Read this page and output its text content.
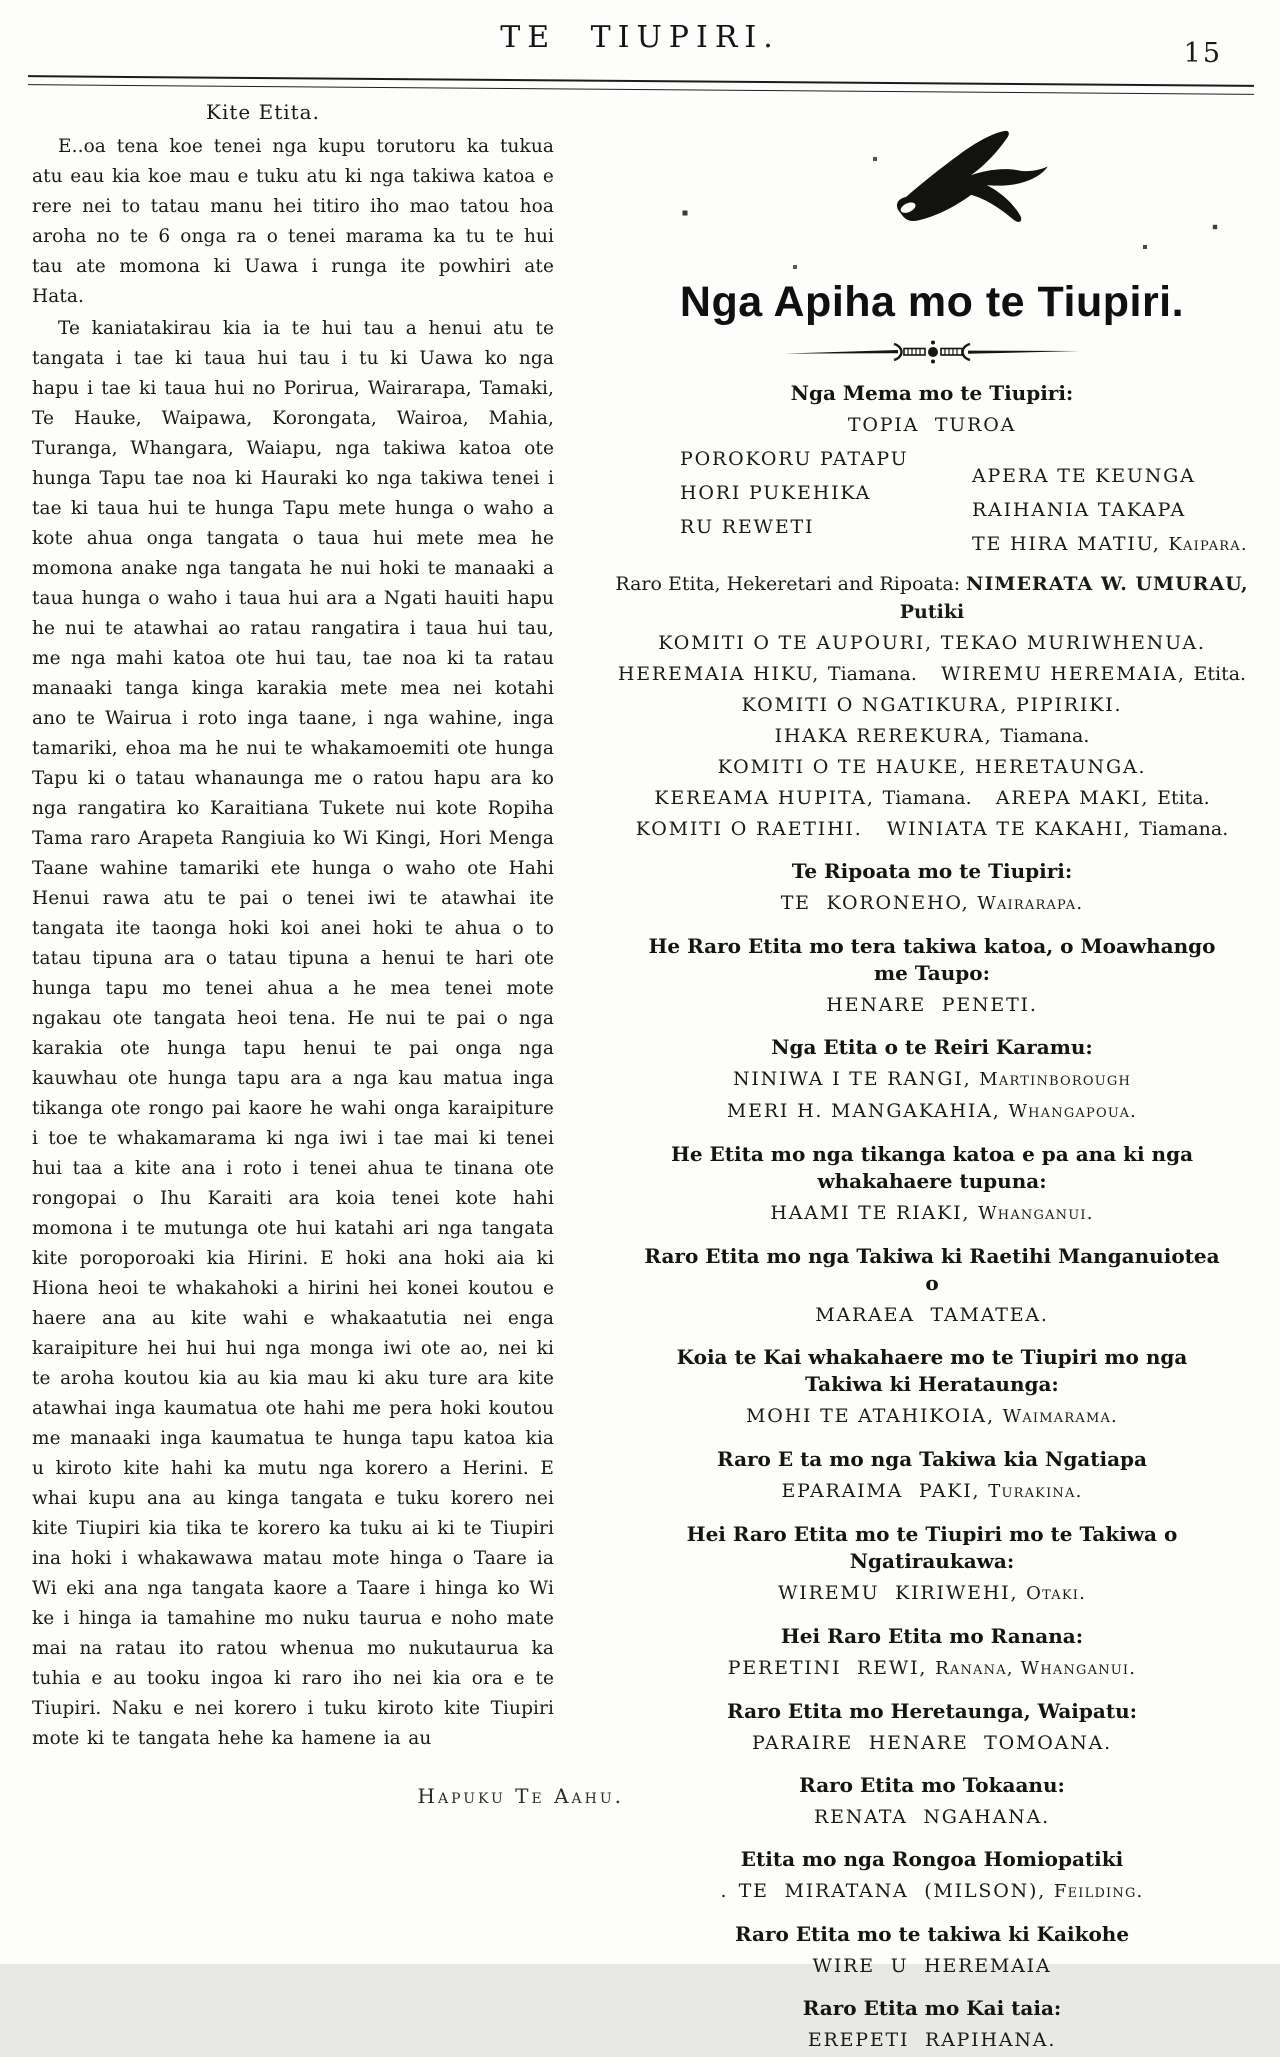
TE TIUPIRI.	15
Kite Etita.

E..oa tena koe tenei nga kupu torutoru ka tukua atu eau kia koe mau e tuku atu ki nga takiwa katoa e rere nei to tatau manu hei titiro iho mao tatou hoa aroha no te 6 onga ra o tenei marama ka tu te hui tau ate momona ki Uawa i runga ite powhiri ate Hata.

Te kaniatakirau kia ia te hui tau a henui atu te tangata i tae ki taua hui tau i tu ki Uawa ko nga hapu i tae ki taua hui no Porirua, Wairarapa, Tamaki, Te Hauke, Waipawa, Korongata, Wairoa, Mahia, Turanga, Whangara, Waiapu, nga takiwa katoa ote hunga Tapu tae noa ki Hauraki ko nga takiwa tenei i tae ki taua hui te hunga Tapu mete hunga o waho a kote ahua onga tangata o taua hui mete mea he momona anake nga tangata he nui hoki te manaaki a taua hunga o waho i taua hui ara a Ngati hauiti hapu he nui te atawhai ao ratau rangatira i taua hui tau, me nga mahi katoa ote hui tau, tae noa ki ta ratau manaaki tanga kinga karakia mete mea nei kotahi ano te Wairua i roto inga taane, i nga wahine, inga tamariki, ehoa ma he nui te whakamoemiti ote hunga Tapu ki o tatau whanaunga me o ratou hapu ara ko nga rangatira ko Karaitiana Tukete nui kote Ropiha Tama raro Arapeta Rangiuia ko Wi Kingi, Hori Menga Taane wahine tamariki ete hunga o waho ote Hahi Henui rawa atu te pai o tenei iwi te atawhai ite tangata ite taonga hoki koi anei hoki te ahua o to tatau tipuna ara o tatau tipuna a henui te hari ote hunga tapu mo tenei ahua a he mea tenei mote ngakau ote tangata heoi tena. He nui te pai o nga karakia ote hunga tapu henui te pai onga nga kauwhau ote hunga tapu ara a nga kau matua inga tikanga ote rongo pai kaore he wahi onga karaipiture i toe te whakamarama ki nga iwi i tae mai ki tenei hui taa a kite ana i roto i tenei ahua te tinana ote rongopai o Ihu Karaiti ara koia tenei kote hahi momona i te mutunga ote hui katahi ari nga tangata kite poroporoaki kia Hirini. E hoki ana hoki aia ki Hiona heoi te whakahoki a hirini hei konei koutou e haere ana au kite wahi e whakaatutia nei enga karaipiture hei hui hui nga monga iwi ote ao, nei ki te aroha koutou kia au kia mau ki aku ture ara kite atawhai inga kaumatua ote hahi me pera hoki koutou me manaaki inga kaumatua te hunga tapu katoa kia u kiroto kite hahi ka mutu nga korero a Herini. E whai kupu ana au kinga tangata e tuku korero nei kite Tiupiri kia tika te korero ka tuku ai ki te Tiupiri ina hoki i whakawawa matau mote hinga o Taare ia Wi eki ana nga tangata kaore a Taare i hinga ko Wi ke i hinga ia tamahine mo nuku taurua e noho mate mai na ratau ito ratou whenua mo nukutaurua ka tuhia e au tooku ingoa ki raro iho nei kia ora e te Tiupiri. Naku e nei korero i tuku kiroto kite Tiupiri mote ki te tangata hehe ka hamene ia au

Hapuku Te Aahu.
Nga Apiha mo te Tiupiri.
Nga Mema mo te Tiupiri:
TOPIA  TUROA
POROKORU PATAPU
HORI PUKEHIKA
RU REWETI
APERA TE KEUNGA
RAIHANIA TAKAPA
TE HIRA MATIU, Kaipara.
Raro Etita, Hekeretari and Ripoata: NIMERATA W. UMURAU, Putiki
KOMITI O TE AUPOURI, TEKAO MURIWHENUA.
HEREMAIA HIKU, Tiamana. WIREMU HEREMAIA, Etita.
KOMITI O NGATIKURA, PIPIRIKI.
IHAKA REREKURA, Tiamana.
KOMITI O TE HAUKE, HERETAUNGA.
KEREAMA HUPITA, Tiamana. AREPA MAKI, Etita.
KOMITI O RAETIHI. WINIATA TE KAKAHI, Tiamana.
Te Ripoata mo te Tiupiri:
TE  KORONEHO, Wairarapa.
He Raro Etita mo tera takiwa katoa, o Moawhango me Taupo:
HENARE  PENETI.
Nga Etita o te Reiri Karamu:
NINIWA I TE RANGI, Martinborough
MERI H. MANGAKAHIA, Whangapoua.
He Etita mo nga tikanga katoa e pa ana ki nga whakahaere tupuna:
HAAMI TE RIAKI, Whanganui.
Raro Etita mo nga Takiwa ki Raetihi Manganuiotea o
MARAEA  TAMATEA.
Koia te Kai whakahaere mo te Tiupiri mo nga Takiwa ki Herataunga:
MOHI TE ATAHIKOIA, Waimarama.
Raro E ta mo nga Takiwa kia Ngatiapa
EPARAIMA  PAKI, Turakina.
Hei Raro Etita mo te Tiupiri mo te Takiwa o Ngatiraukawa:
WIREMU  KIRIWEHI, Otaki.
Hei Raro Etita mo Ranana:
PERETINI  REWI, Ranana, Whanganui.
Raro Etita mo Heretaunga, Waipatu:
PARAIRE  HENARE  TOMOANA.
Raro Etita mo Tokaanu:
RENATA  NGAHANA.
Etita mo nga Rongoa Homiopatiki
.  TE  MIRATANA  (MILSON), Feilding.
Raro Etita mo te takiwa ki Kaikohe
WIRE  U  HEREMAIA
Raro Etita mo Kai taia:
EREPETI  RAPIHANA.
